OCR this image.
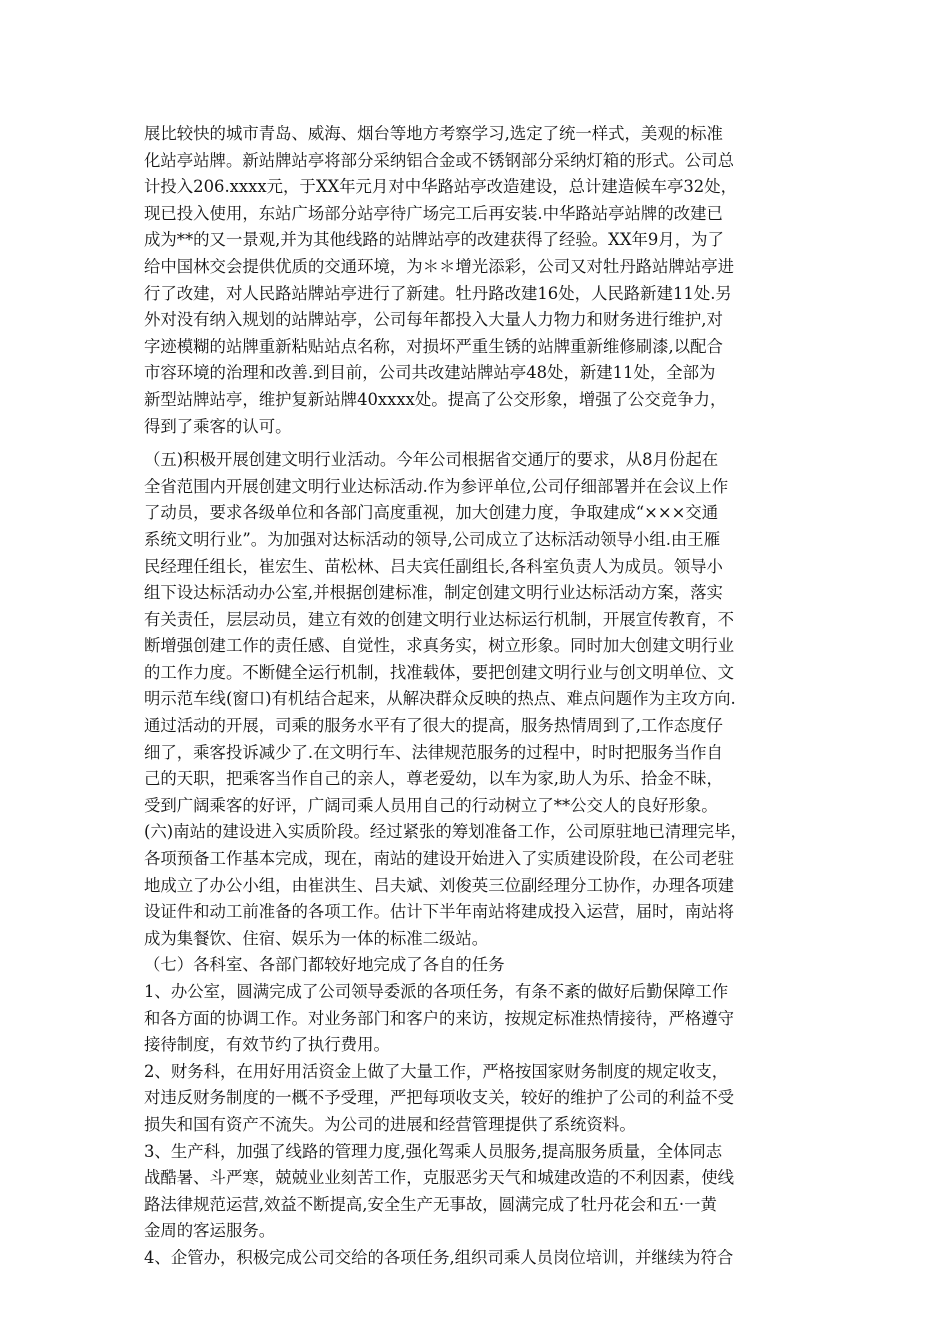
展比较快的城市青岛、威海、烟台等地方考察学习,选定了统一样式，美观的标准
化站亭站牌。新站牌站亭将部分采纳铝合金或不锈钢部分采纳灯箱的形式。公司总
计投入206.xxxx元，于XX年元月对中华路站亭改造建设，总计建造候车亭32处，
现已投入使用，东站广场部分站亭待广场完工后再安装.中华路站亭站牌的改建已
成为**的又一景观,并为其他线路的站牌站亭的改建获得了经验。XX年9月，为了
给中国林交会提供优质的交通环境，为＊＊增光添彩，公司又对牡丹路站牌站亭进
行了改建，对人民路站牌站亭进行了新建。牡丹路改建16处，人民路新建11处.另
外对没有纳入规划的站牌站亭，公司每年都投入大量人力物力和财务进行维护,对
字迹模糊的站牌重新粘贴站点名称，对损坏严重生锈的站牌重新维修刷漆,以配合
市容环境的治理和改善.到目前，公司共改建站牌站亭48处，新建11处，全部为
新型站牌站亭，维护复新站牌40xxxx处。提高了公交形象，增强了公交竞争力，
得到了乘客的认可。
（五)积极开展创建文明行业活动。今年公司根据省交通厅的要求，从8月份起在
全省范围内开展创建文明行业达标活动.作为参评单位,公司仔细部署并在会议上作
了动员，要求各级单位和各部门高度重视，加大创建力度，争取建成“×××交通
系统文明行业”。为加强对达标活动的领导,公司成立了达标活动领导小组.由王雁
民经理任组长，崔宏生、苗松林、吕夫宾任副组长,各科室负责人为成员。领导小
组下设达标活动办公室,并根据创建标准，制定创建文明行业达标活动方案，落实
有关责任，层层动员，建立有效的创建文明行业达标运行机制，开展宣传教育，不
断增强创建工作的责任感、自觉性，求真务实，树立形象。同时加大创建文明行业
的工作力度。不断健全运行机制，找准载体，要把创建文明行业与创文明单位、文
明示范车线(窗口)有机结合起来，从解决群众反映的热点、难点问题作为主攻方向.
通过活动的开展，司乘的服务水平有了很大的提高，服务热情周到了,工作态度仔
细了，乘客投诉减少了.在文明行车、法律规范服务的过程中，时时把服务当作自
己的天职，把乘客当作自己的亲人，尊老爱幼，以车为家,助人为乐、拾金不昧，
受到广阔乘客的好评，广阔司乘人员用自己的行动树立了**公交人的良好形象。
(六)南站的建设进入实质阶段。经过紧张的筹划准备工作，公司原驻地已清理完毕，
各项预备工作基本完成，现在，南站的建设开始进入了实质建设阶段，在公司老驻
地成立了办公小组，由崔洪生、吕夫斌、刘俊英三位副经理分工协作，办理各项建
设证件和动工前准备的各项工作。估计下半年南站将建成投入运营，届时，南站将
成为集餐饮、住宿、娱乐为一体的标准二级站。
（七）各科室、各部门都较好地完成了各自的任务
1、办公室，圆满完成了公司领导委派的各项任务，有条不紊的做好后勤保障工作
和各方面的协调工作。对业务部门和客户的来访，按规定标准热情接待，严格遵守
接待制度，有效节约了执行费用。
2、财务科，在用好用活资金上做了大量工作，严格按国家财务制度的规定收支，
对违反财务制度的一概不予受理，严把每项收支关，较好的维护了公司的利益不受
损失和国有资产不流失。为公司的进展和经营管理提供了系统资料。
3、生产科，加强了线路的管理力度,强化驾乘人员服务,提高服务质量，全体同志
战酷暑、斗严寒，兢兢业业刻苦工作，克服恶劣天气和城建改造的不利因素，使线
路法律规范运营,效益不断提高,安全生产无事故，圆满完成了牡丹花会和五·一黄
金周的客运服务。
4、企管办，积极完成公司交给的各项任务,组织司乘人员岗位培训，并继续为符合
